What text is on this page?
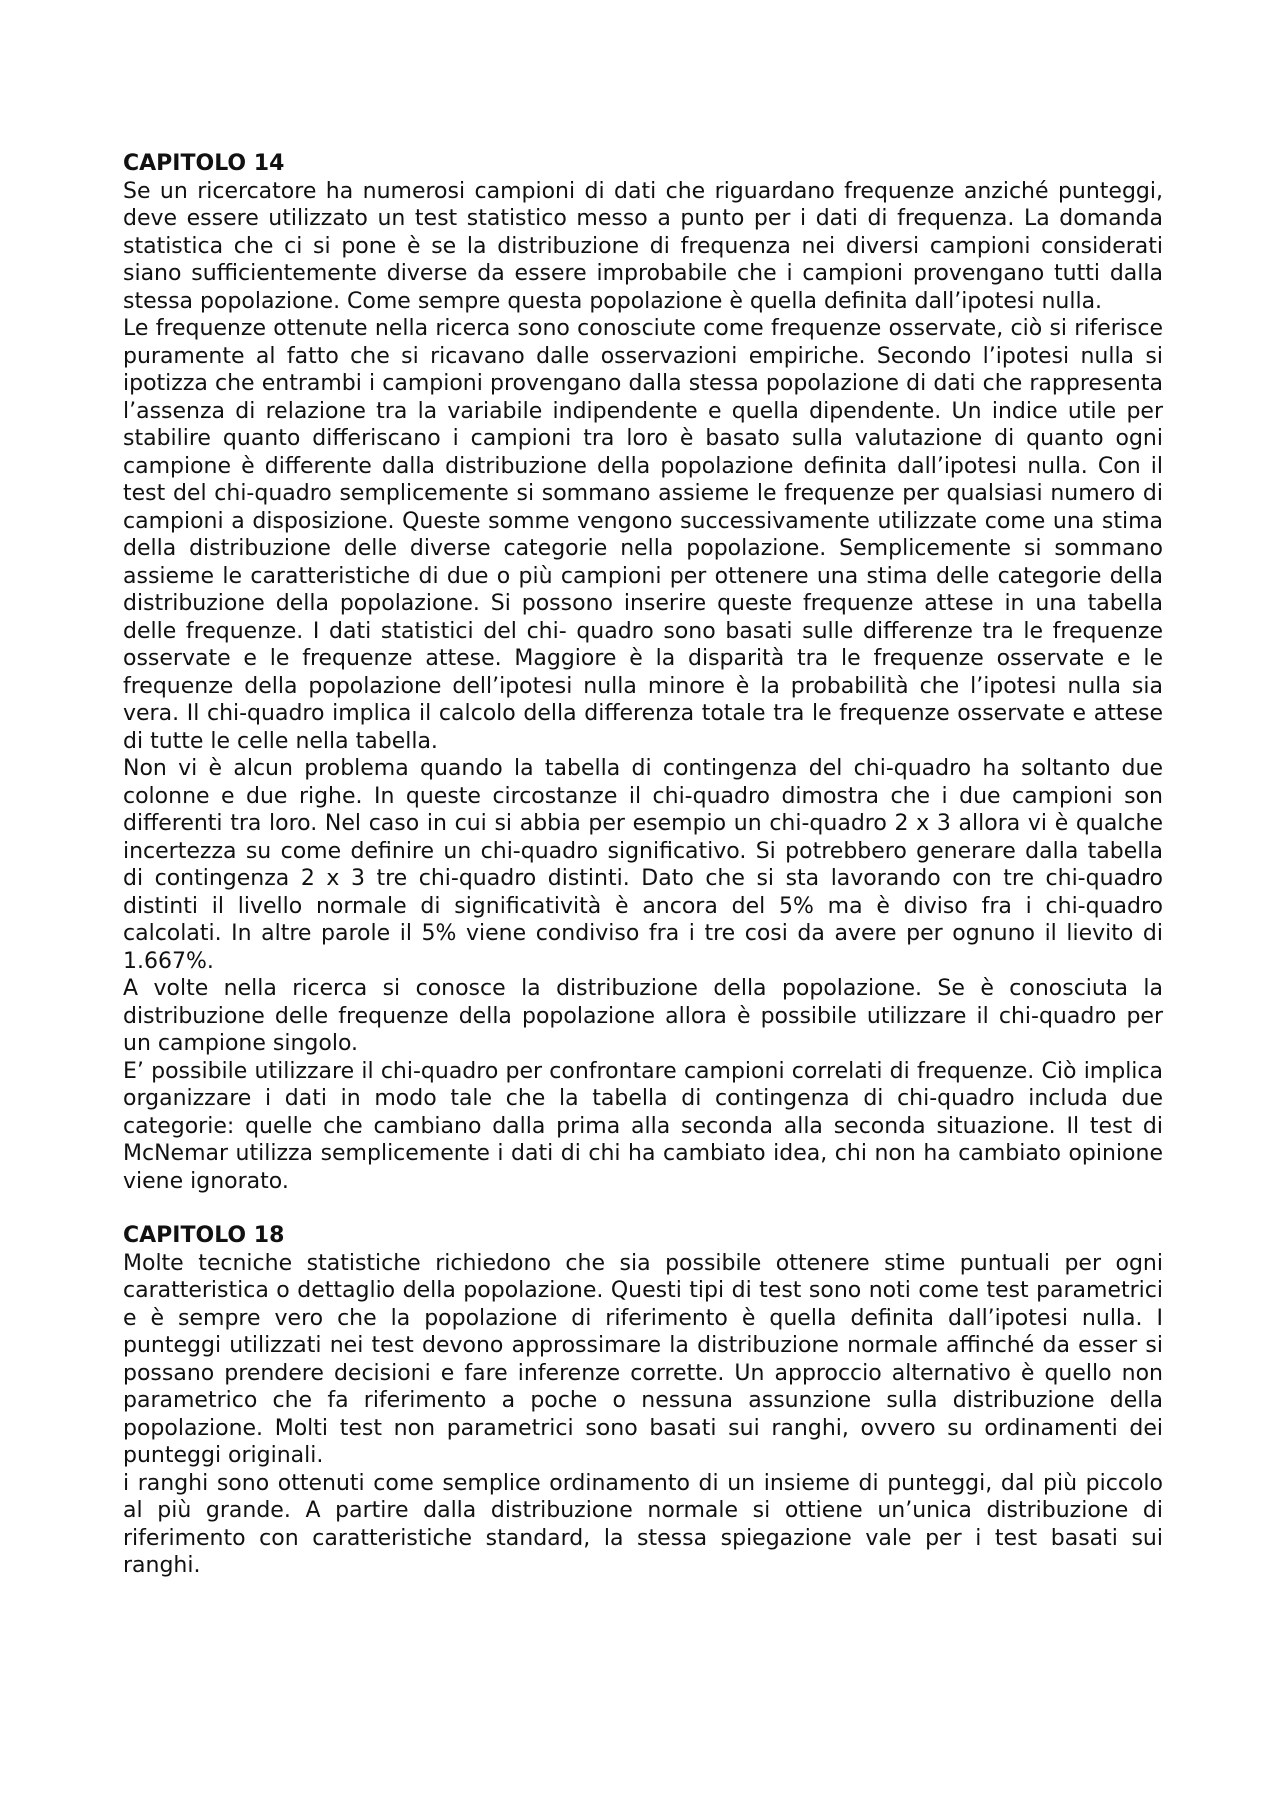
CAPITOLO 14

Se un ricercatore ha numerosi campioni di dati che riguardano frequenze anziché punteggi, deve essere utilizzato un test statistico messo a punto per i dati di frequenza. La domanda statistica che ci si pone è se la distribuzione di frequenza nei diversi campioni considerati siano sufficientemente diverse da essere improbabile che i campioni provengano tutti dalla stessa popolazione. Come sempre questa popolazione è quella definita dall’ipotesi nulla.

Le frequenze ottenute nella ricerca sono conosciute come frequenze osservate, ciò si riferisce puramente al fatto che si ricavano dalle osservazioni empiriche. Secondo l’ipotesi nulla si ipotizza che entrambi i campioni provengano dalla stessa popolazione di dati che rappresenta l’assenza di relazione tra la variabile indipendente e quella dipendente. Un indice utile per stabilire quanto differiscano i campioni tra loro è basato sulla valutazione di quanto ogni campione è differente dalla distribuzione della popolazione definita dall’ipotesi nulla. Con il test del chi-quadro semplicemente si sommano assieme le frequenze per qualsiasi numero di campioni a disposizione. Queste somme vengono successivamente utilizzate come una stima della distribuzione delle diverse categorie nella popolazione. Semplicemente si sommano assieme le caratteristiche di due o più campioni per ottenere una stima delle categorie della distribuzione della popolazione. Si possono inserire queste frequenze attese in una tabella delle frequenze. I dati statistici del chi- quadro sono basati sulle differenze tra le frequenze osservate e le frequenze attese. Maggiore è la disparità tra le frequenze osservate e le frequenze della popolazione dell’ipotesi nulla minore è la probabilità che l’ipotesi nulla sia vera. Il chi-quadro implica il calcolo della differenza totale tra le frequenze osservate e attese di tutte le celle nella tabella.

Non vi è alcun problema quando la tabella di contingenza del chi-quadro ha soltanto due colonne e due righe. In queste circostanze il chi-quadro dimostra che i due campioni son differenti tra loro. Nel caso in cui si abbia per esempio un chi-quadro 2 x 3 allora vi è qualche incertezza su come definire un chi-quadro significativo. Si potrebbero generare dalla tabella di contingenza 2 x 3 tre chi-quadro distinti. Dato che si sta lavorando con tre chi-quadro distinti il livello normale di significatività è ancora del 5% ma è diviso fra i chi-quadro calcolati. In altre parole il 5% viene condiviso fra i tre cosi da avere per ognuno il lievito di 1.667%.

A volte nella ricerca si conosce la distribuzione della popolazione. Se è conosciuta la distribuzione delle frequenze della popolazione allora è possibile utilizzare il chi-quadro per un campione singolo.

E’ possibile utilizzare il chi-quadro per confrontare campioni correlati di frequenze. Ciò implica organizzare i dati in modo tale che la tabella di contingenza di chi-quadro includa due categorie: quelle che cambiano dalla prima alla seconda alla seconda situazione. Il test di McNemar utilizza semplicemente i dati di chi ha cambiato idea, chi non ha cambiato opinione viene ignorato.

CAPITOLO 18

Molte tecniche statistiche richiedono che sia possibile ottenere stime puntuali per ogni caratteristica o dettaglio della popolazione. Questi tipi di test sono noti come test parametrici e è sempre vero che la popolazione di riferimento è quella definita dall’ipotesi nulla. I punteggi utilizzati nei test devono approssimare la distribuzione normale affinché da esser si possano prendere decisioni e fare inferenze corrette. Un approccio alternativo è quello non parametrico che fa riferimento a poche o nessuna assunzione sulla distribuzione della popolazione. Molti test non parametrici sono basati sui ranghi, ovvero su ordinamenti dei punteggi originali.

i ranghi sono ottenuti come semplice ordinamento di un insieme di punteggi, dal più piccolo al più grande. A partire dalla distribuzione normale si ottiene un’unica distribuzione di riferimento con caratteristiche standard, la stessa spiegazione vale per i test basati sui ranghi.
